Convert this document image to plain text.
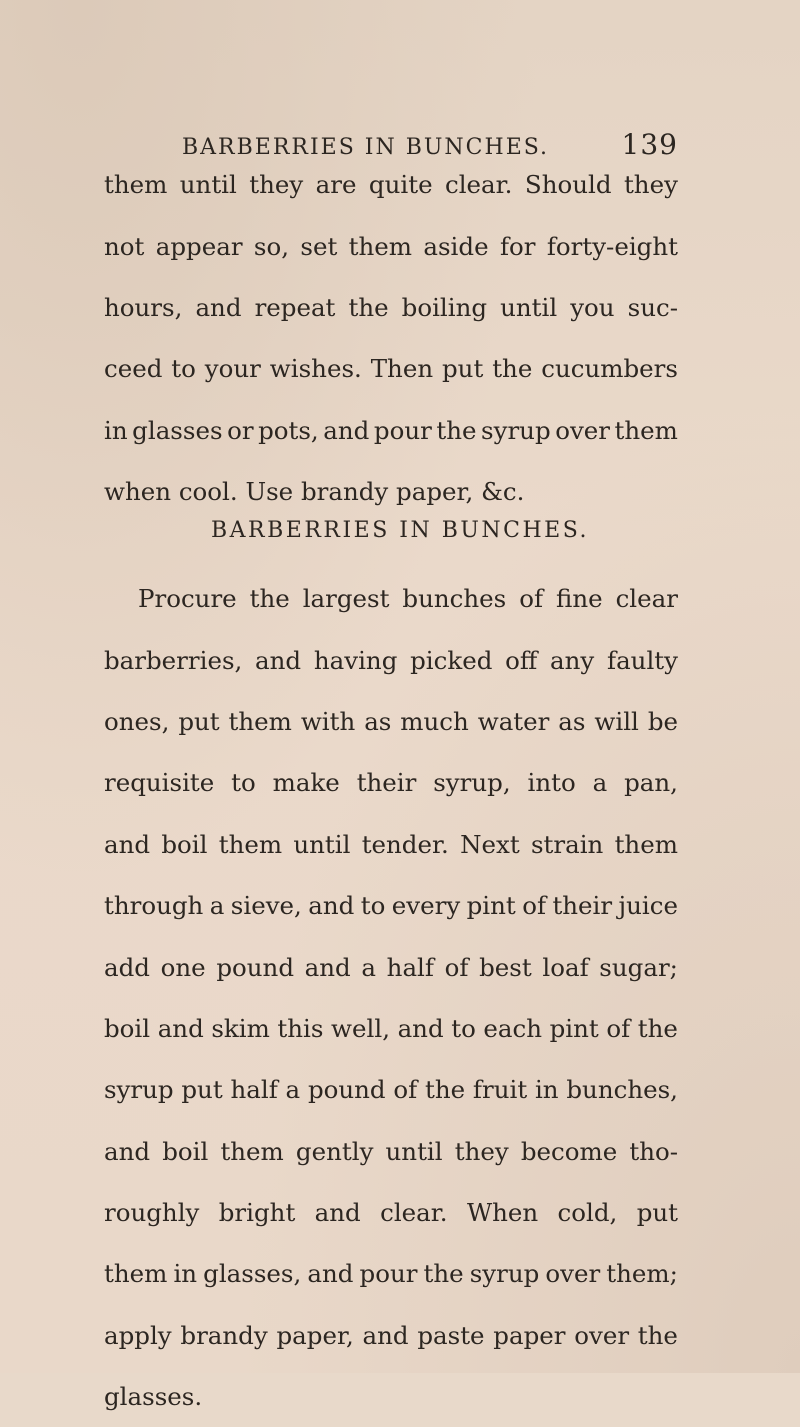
BARBERRIES IN BUNCHES.	139
them until they are quite clear. Should they
not appear so, set them aside for forty-eight
hours, and repeat the boiling until you suc-
ceed to your wishes. Then put the cucumbers
in glasses or pots, and pour the syrup over them
when cool. Use brandy paper, &c.
BARBERRIES IN BUNCHES.
Procure the largest bunches of fine clear
barberries, and having picked off any faulty
ones, put them with as much water as will be
requisite to make their syrup, into a pan,
and boil them until tender. Next strain them
through a sieve, and to every pint of their juice
add one pound and a half of best loaf sugar;
boil and skim this well, and to each pint of the
syrup put half a pound of the fruit in bunches,
and boil them gently until they become tho-
roughly bright and clear. When cold, put
them in glasses, and pour the syrup over them;
apply brandy paper, and paste paper over the
glasses.
